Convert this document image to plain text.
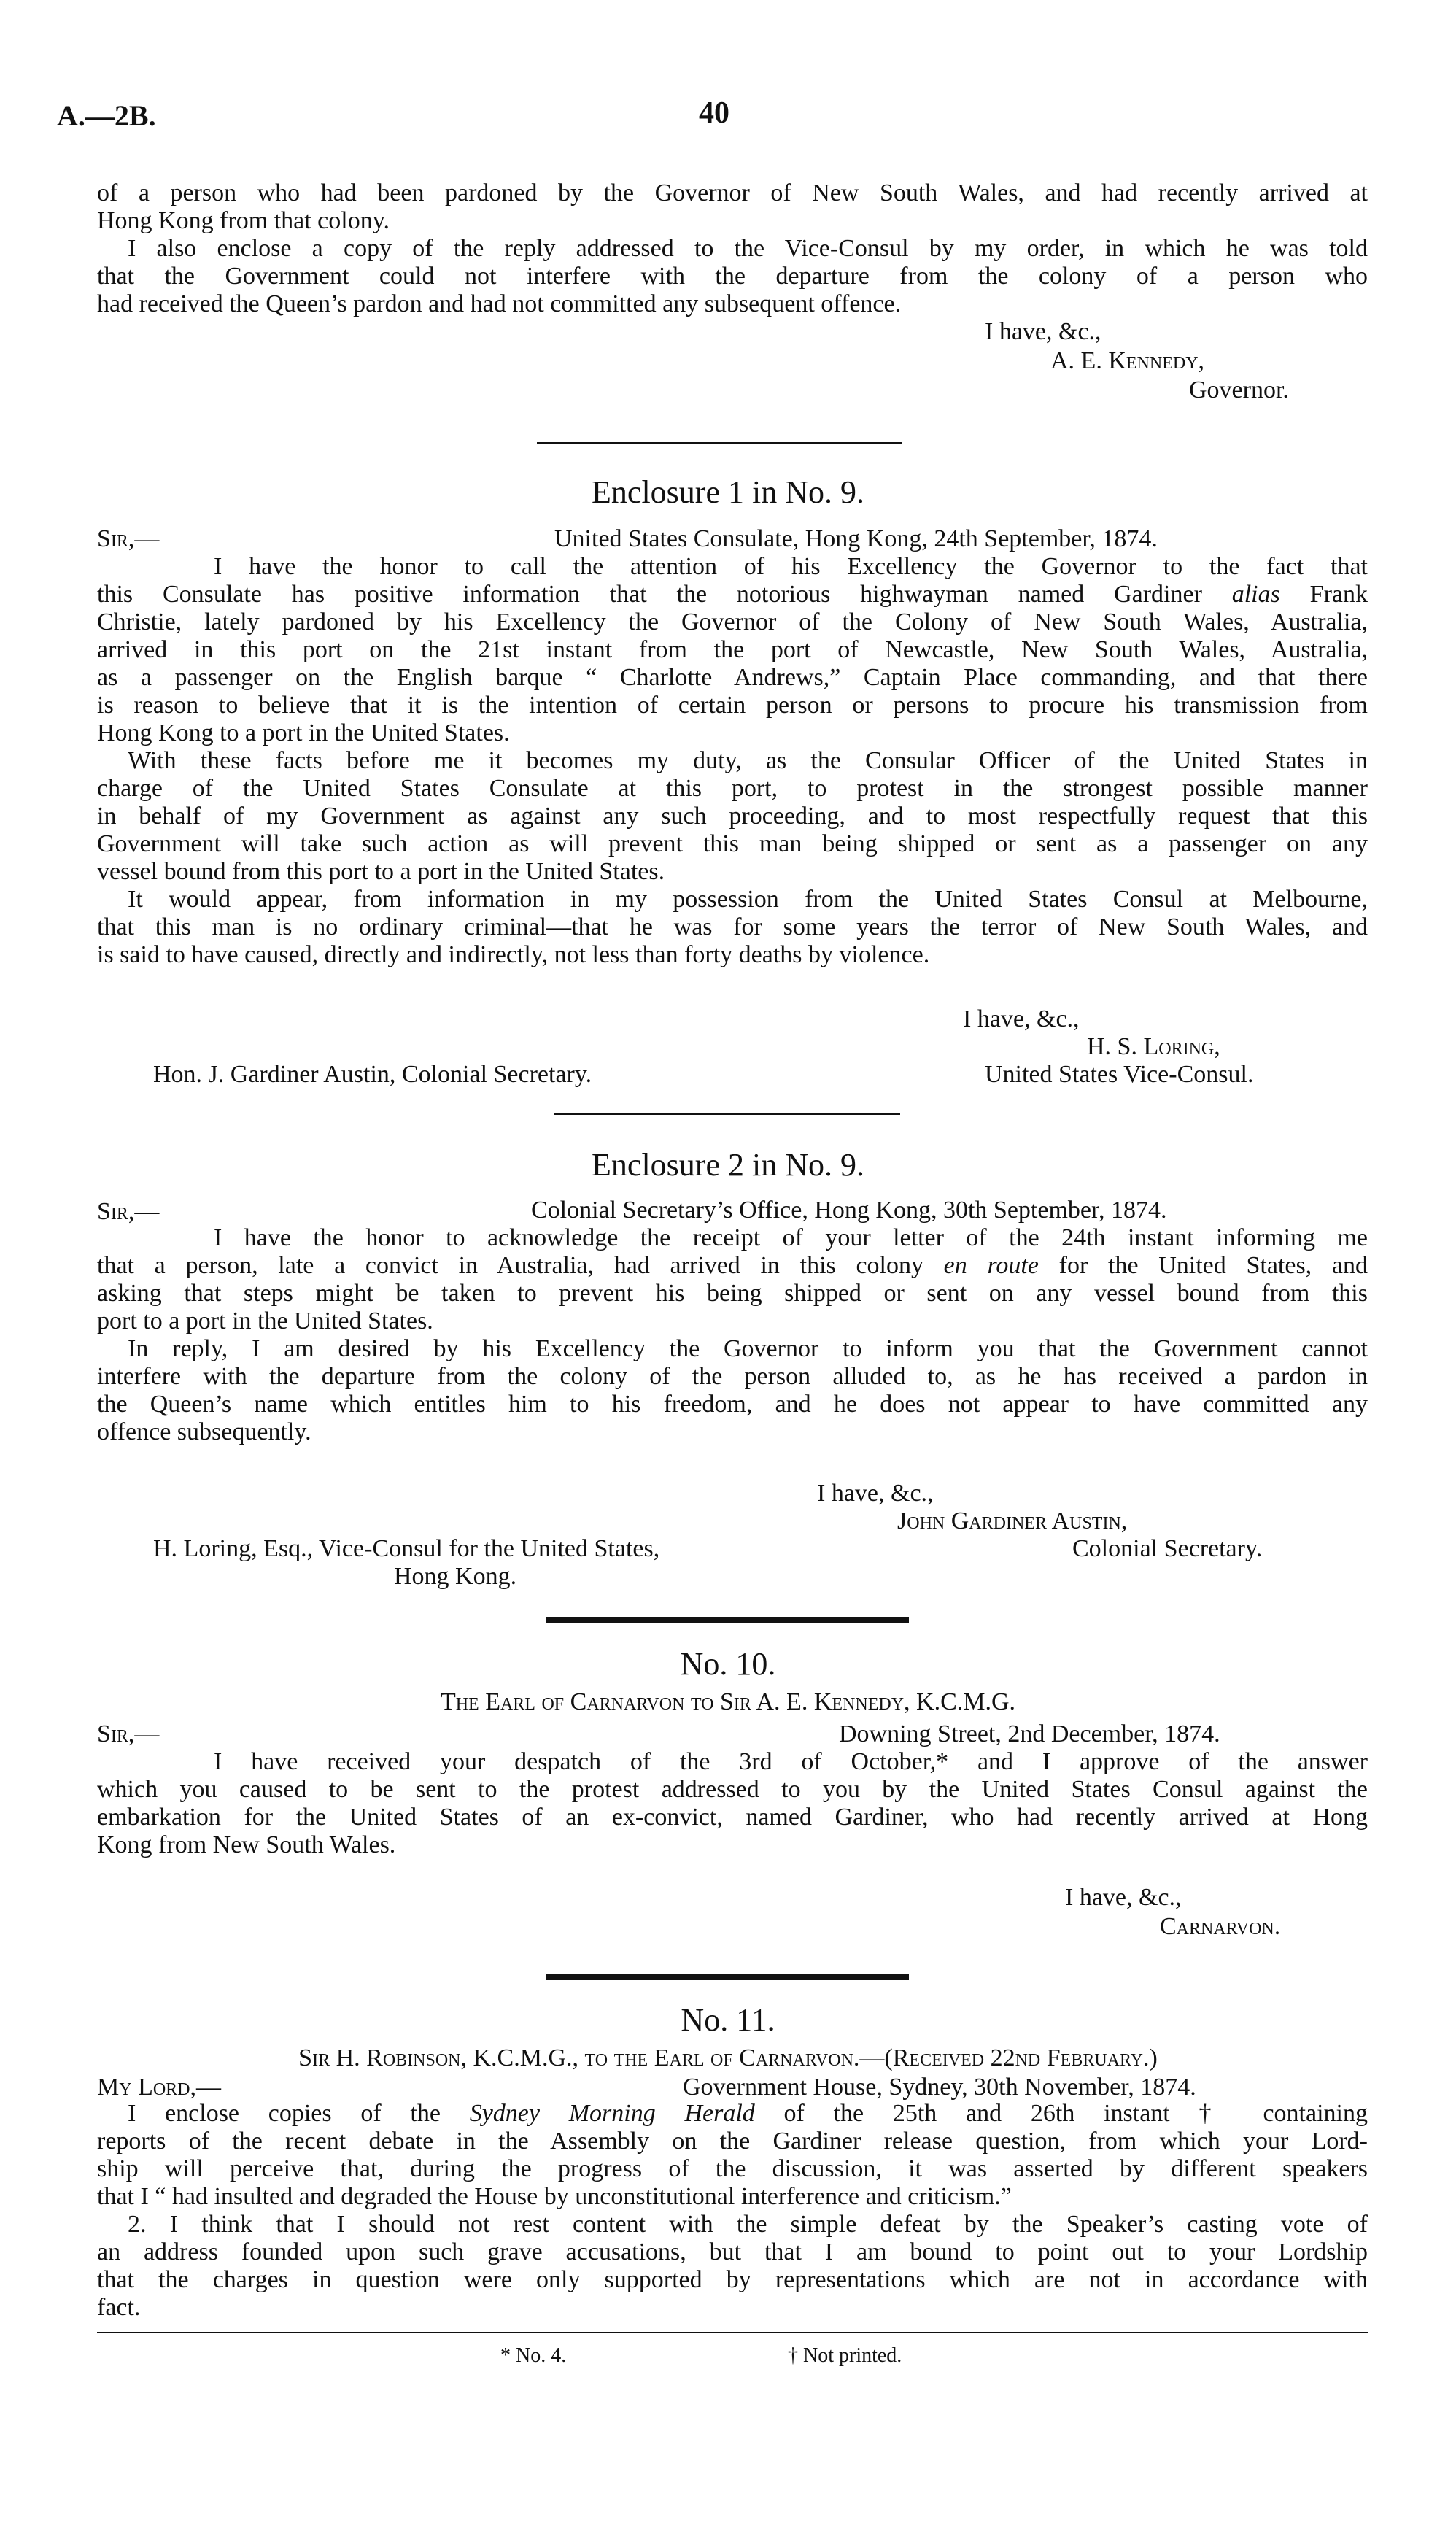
A.—2B.	40
of a person who had been pardoned by the Governor of New South Wales, and had recently arrived at
Hong Kong from that colony.
I also enclose a copy of the reply addressed to the Vice-Consul by my order, in which he was told
that the Government could not interfere with the departure from the colony of a person who
had received the Queen’s pardon and had not committed any subsequent offence.
I have, &c.,
A. E. Kennedy,
Governor.
Enclosure 1 in No. 9.
Sir,—	United States Consulate, Hong Kong, 24th September, 1874.
I have the honor to call the attention of his Excellency the Governor to the fact that
this Consulate has positive information that the notorious highwayman named Gardiner alias Frank
Christie, lately pardoned by his Excellency the Governor of the Colony of New South Wales, Australia,
arrived in this port on the 21st instant from the port of Newcastle, New South Wales, Australia,
as a passenger on the English barque “ Charlotte Andrews,” Captain Place commanding, and that there
is reason to believe that it is the intention of certain person or persons to procure his transmission from
Hong Kong to a port in the United States.
With these facts before me it becomes my duty, as the Consular Officer of the United States in
charge of the United States Consulate at this port, to protest in the strongest possible manner
in behalf of my Government as against any such proceeding, and to most respectfully request that this
Government will take such action as will prevent this man being shipped or sent as a passenger on any
vessel bound from this port to a port in the United States.
It would appear, from information in my possession from the United States Consul at Melbourne,
that this man is no ordinary criminal—that he was for some years the terror of New South Wales, and
is said to have caused, directly and indirectly, not less than forty deaths by violence.
I have, &c.,
H. S. Loring,
Hon. J. Gardiner Austin, Colonial Secretary.	United States Vice-Consul.
Enclosure 2 in No. 9.
Sir,—	Colonial Secretary’s Office, Hong Kong, 30th September, 1874.
I have the honor to acknowledge the receipt of your letter of the 24th instant informing me
that a person, late a convict in Australia, had arrived in this colony en route for the United States, and
asking that steps might be taken to prevent his being shipped or sent on any vessel bound from this
port to a port in the United States.
In reply, I am desired by his Excellency the Governor to inform you that the Government cannot
interfere with the departure from the colony of the person alluded to, as he has received a pardon in
the Queen’s name which entitles him to his freedom, and he does not appear to have committed any
offence subsequently.
I have, &c.,
John Gardiner Austin,
H. Loring, Esq., Vice-Consul for the United States,	Colonial Secretary.
Hong Kong.
No. 10.
The Earl of Carnarvon to Sir A. E. Kennedy, K.C.M.G.
Sir,—	Downing Street, 2nd December, 1874.
I have received your despatch of the 3rd of October,* and I approve of the answer
which you caused to be sent to the protest addressed to you by the United States Consul against the
embarkation for the United States of an ex-convict, named Gardiner, who had recently arrived at Hong
Kong from New South Wales.
I have, &c.,
Carnarvon.
No. 11.
Sir H. Robinson, K.C.M.G., to the Earl of Carnarvon.—(Received 22nd February.)
My Lord,—	Government House, Sydney, 30th November, 1874.
I enclose copies of the Sydney Morning Herald of the 25th and 26th instant † containing
reports of the recent debate in the Assembly on the Gardiner release question, from which your Lord-
ship will perceive that, during the progress of the discussion, it was asserted by different speakers
that I “ had insulted and degraded the House by unconstitutional interference and criticism.”
2. I think that I should not rest content with the simple defeat by the Speaker’s casting vote of
an address founded upon such grave accusations, but that I am bound to point out to your Lordship
that the charges in question were only supported by representations which are not in accordance with
fact.
* No. 4.	† Not printed.
